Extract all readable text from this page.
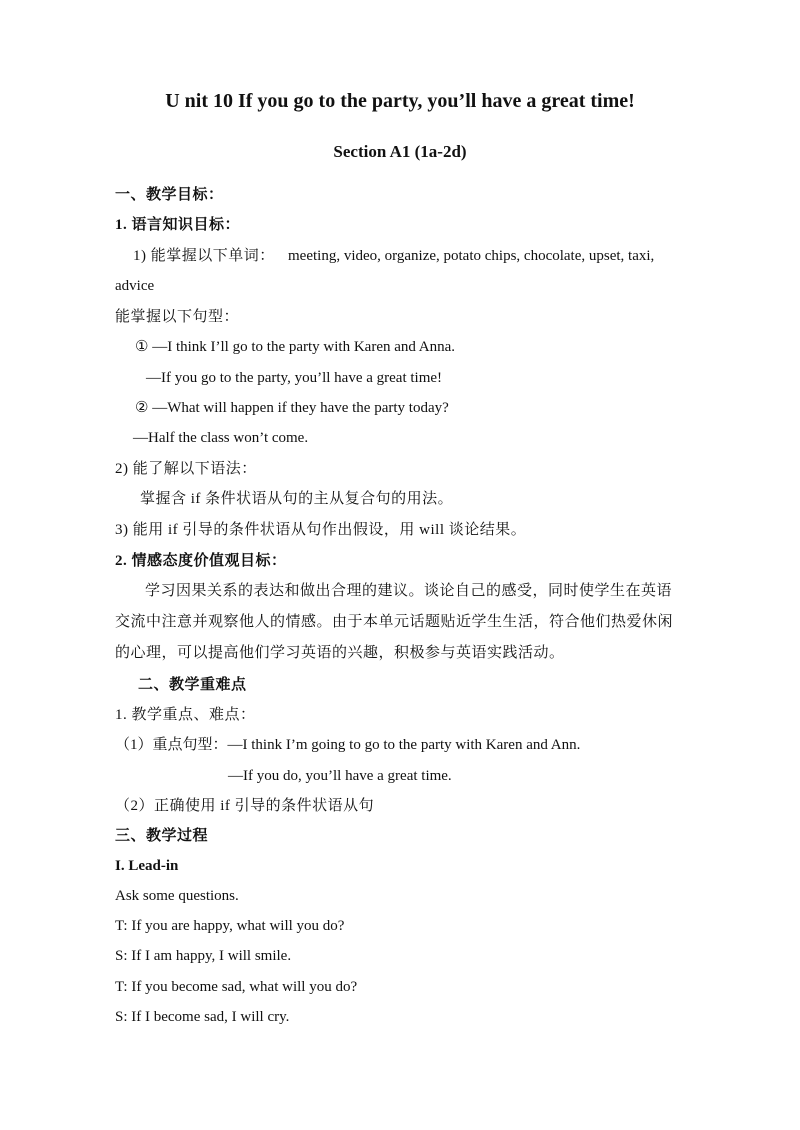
U nit 10 If you go to the party, you’ll have a great time!
Section A1 (1a-2d)
一、教学目标：
1. 语言知识目标：
1) 能掌握以下单词： meeting, video, organize, potato chips, chocolate, upset, taxi,
advice
能掌握以下句型：
① —I think I’ll go to the party with Karen and Anna.
—If you go to the party, you’ll have a great time!
② —What will happen if they have the party today?
—Half the class won’t come.
2) 能了解以下语法：
掌握含 if 条件状语从句的主从复合句的用法。
3) 能用 if 引导的条件状语从句作出假设，用 will 谈论结果。
2. 情感态度价值观目标：
学习因果关系的表达和做出合理的建议。谈论自己的感受，同时使学生在英语
交流中注意并观察他人的情感。由于本单元话题贴近学生生活，符合他们热爱休闲
的心理，可以提高他们学习英语的兴趣，积极参与英语实践活动。
二、教学重难点
1. 教学重点、难点：
（1）重点句型：—I think I’m going to go to the party with Karen and Ann.
—If you do, you’ll have a great time.
（2）正确使用 if 引导的条件状语从句
三、教学过程
I. Lead-in
Ask some questions.
T: If you are happy, what will you do?
S: If I am happy, I will smile.
T: If you become sad, what will you do?
S: If I become sad, I will cry.
